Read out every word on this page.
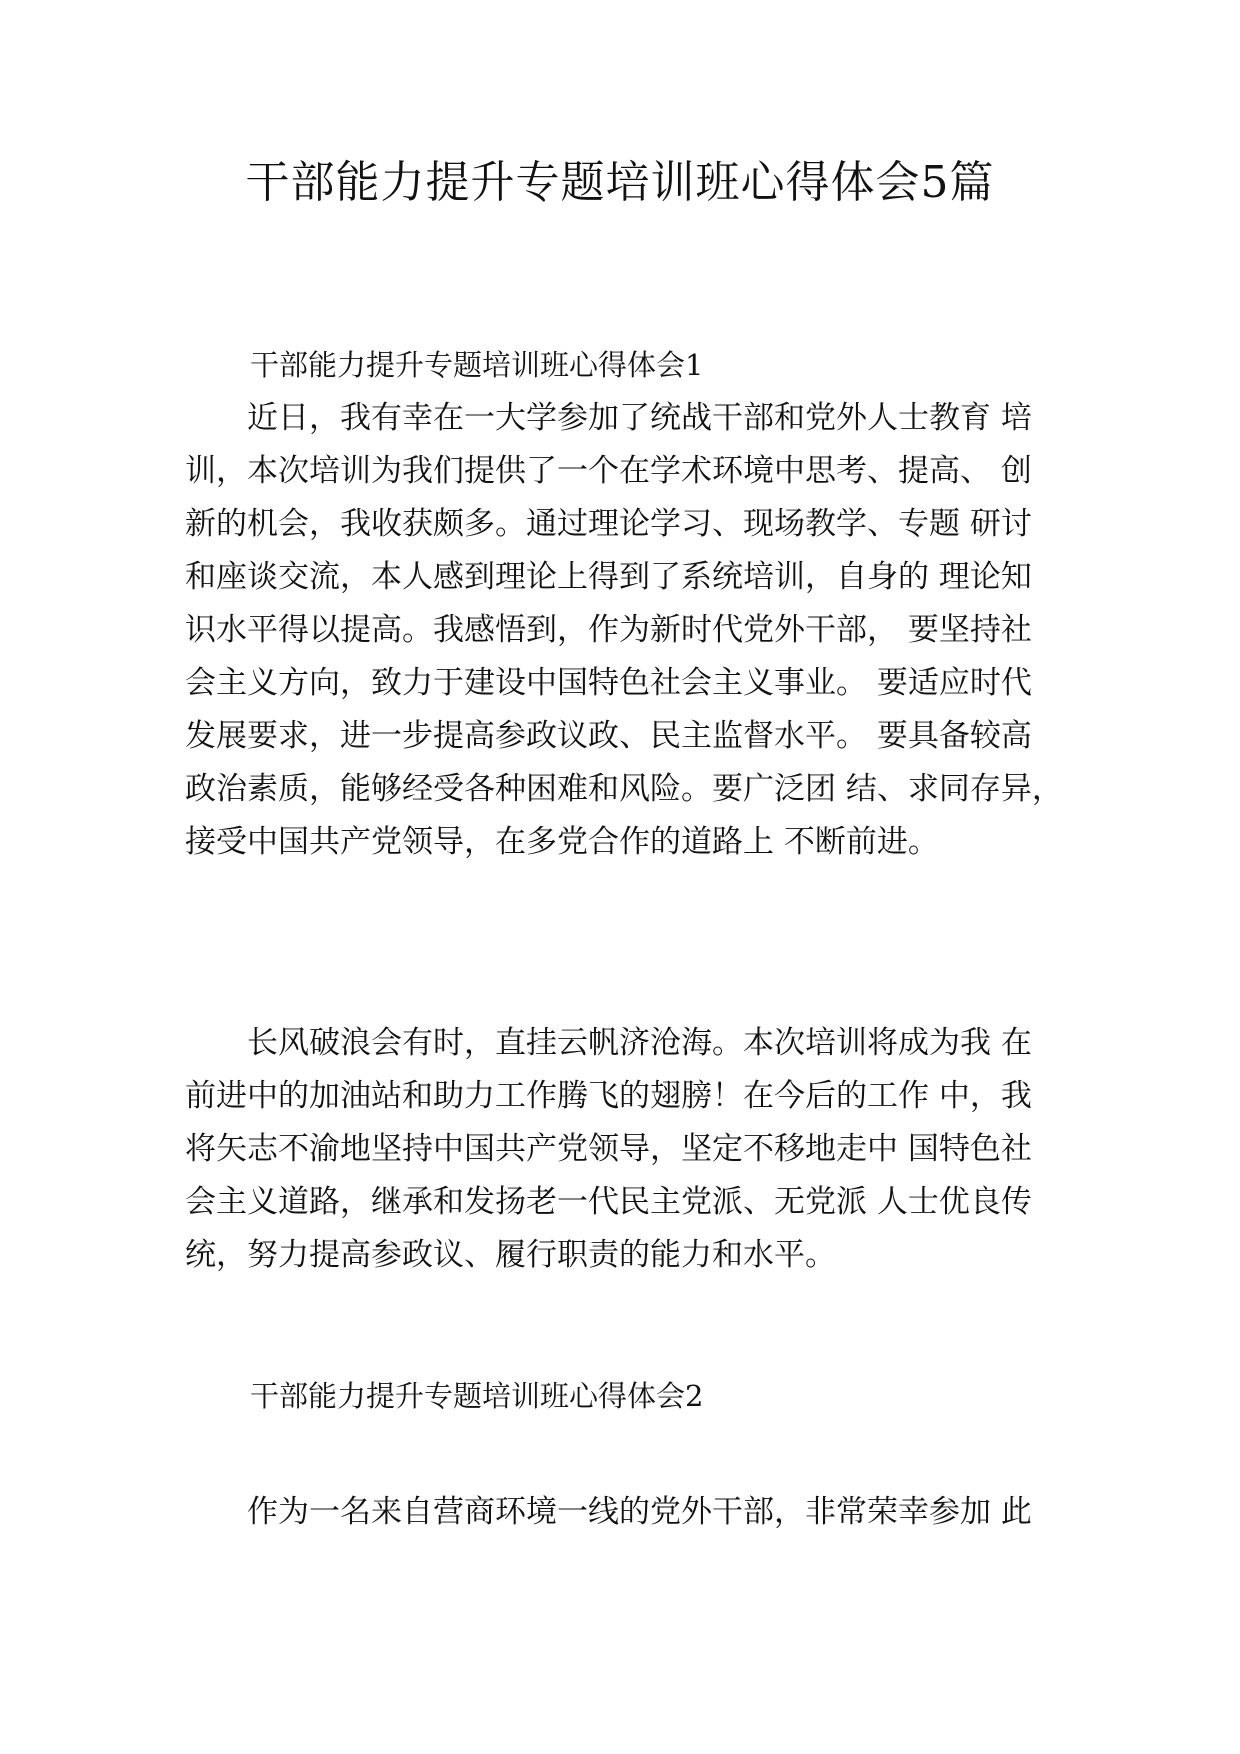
干部能力提升专题培训班心得体会5篇
干部能力提升专题培训班心得体会1
　　近日，我有幸在一大学参加了统战干部和党外人士教育 培
训，本次培训为我们提供了一个在学术环境中思考、提高、 创
新的机会，我收获颇多。通过理论学习、现场教学、专题 研讨
和座谈交流，本人感到理论上得到了系统培训，自身的 理论知
识水平得以提高。我感悟到，作为新时代党外干部， 要坚持社
会主义方向，致力于建设中国特色社会主义事业。 要适应时代
发展要求，进一步提高参政议政、民主监督水平。 要具备较高
政治素质，能够经受各种困难和风险。要广泛团 结、求同存异，
接受中国共产党领导，在多党合作的道路上 不断前进。
　　长风破浪会有时，直挂云帆济沧海。本次培训将成为我 在
前进中的加油站和助力工作腾飞的翅膀！在今后的工作 中，我
将矢志不渝地坚持中国共产党领导，坚定不移地走中 国特色社
会主义道路，继承和发扬老一代民主党派、无党派 人士优良传
统，努力提高参政议、履行职责的能力和水平。
干部能力提升专题培训班心得体会2
　　作为一名来自营商环境一线的党外干部，非常荣幸参加 此
